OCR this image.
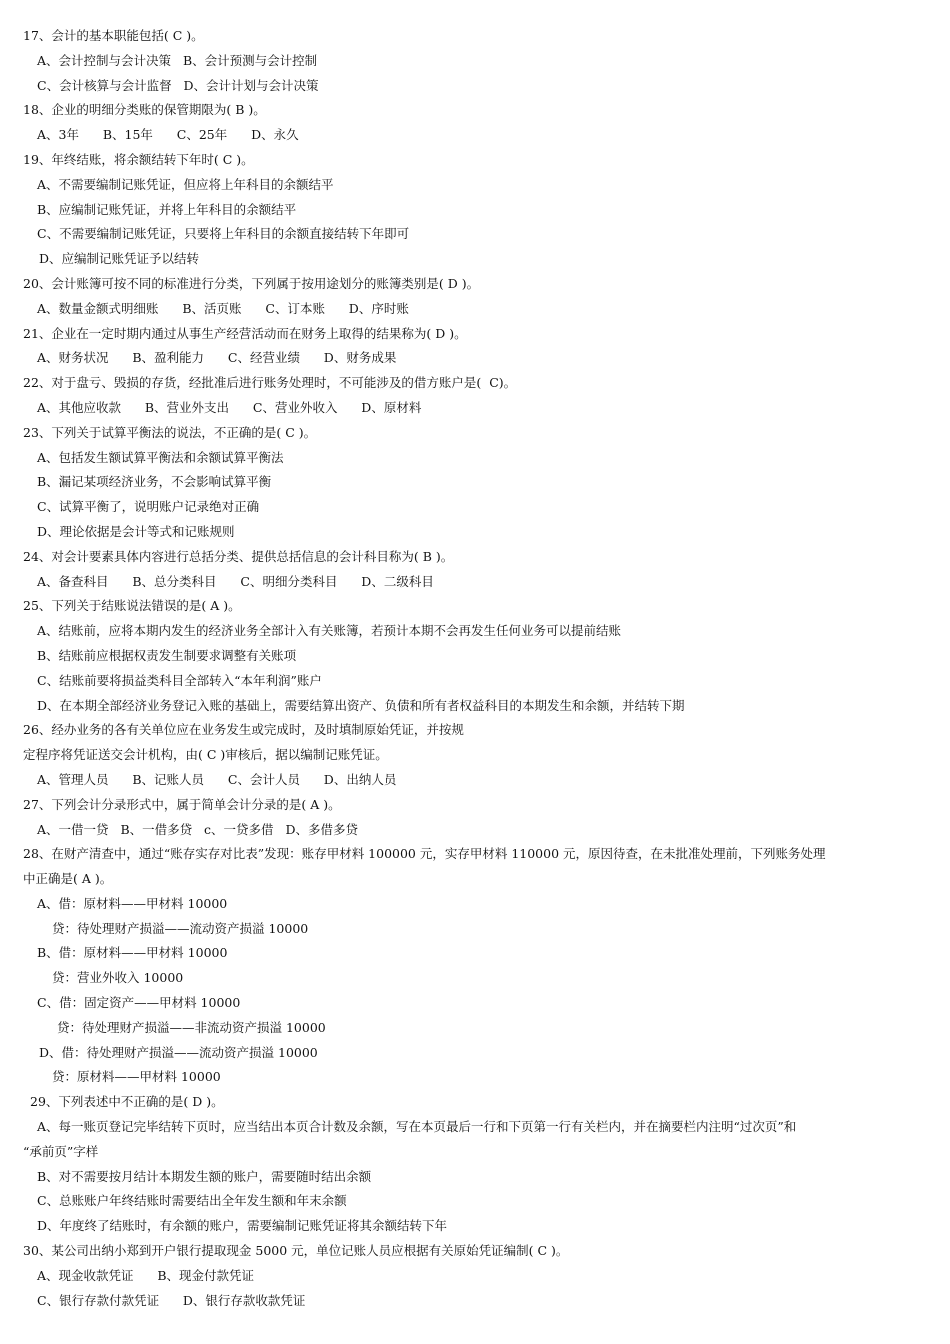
17、会计的基本职能包括( C )。
A、会计控制与会计决策   B、会计预测与会计控制
C、会计核算与会计监督   D、会计计划与会计决策
18、企业的明细分类账的保管期限为( B )。
A、3年      B、15年      C、25年      D、永久
19、年终结账，将余额结转下年时( C )。
A、不需要编制记账凭证，但应将上年科目的余额结平
B、应编制记账凭证，并将上年科目的余额结平
C、不需要编制记账凭证，只要将上年科目的余额直接结转下年即可
D、应编制记账凭证予以结转
20、会计账簿可按不同的标准进行分类，下列属于按用途划分的账簿类别是( D )。
A、数量金额式明细账      B、活页账      C、订本账      D、序时账
21、企业在一定时期内通过从事生产经营活动而在财务上取得的结果称为( D )。
A、财务状况      B、盈利能力      C、经营业绩      D、财务成果
22、对于盘亏、毁损的存货，经批准后进行账务处理时，不可能涉及的借方账户是(  C)。
A、其他应收款      B、营业外支出      C、营业外收入      D、原材料
23、下列关于试算平衡法的说法，不正确的是( C )。
A、包括发生额试算平衡法和余额试算平衡法
B、漏记某项经济业务，不会影响试算平衡
C、试算平衡了，说明账户记录绝对正确
D、理论依据是会计等式和记账规则
24、对会计要素具体内容进行总括分类、提供总括信息的会计科目称为( B )。
A、备查科目      B、总分类科目      C、明细分类科目      D、二级科目
25、下列关于结账说法错误的是( A )。
A、结账前，应将本期内发生的经济业务全部计入有关账簿，若预计本期不会再发生任何业务可以提前结账
B、结账前应根据权责发生制要求调整有关账项
C、结账前要将损益类科目全部转入“本年利润”账户
D、在本期全部经济业务登记入账的基础上，需要结算出资产、负债和所有者权益科目的本期发生和余额，并结转下期
26、经办业务的各有关单位应在业务发生或完成时，及时填制原始凭证，并按规
定程序将凭证送交会计机构，由( C )审核后，据以编制记账凭证。
A、管理人员      B、记账人员      C、会计人员      D、出纳人员
27、下列会计分录形式中，属于简单会计分录的是( A )。
A、一借一贷   B、一借多贷   c、一贷多借   D、多借多贷
28、在财产清查中，通过“账存实存对比表”发现：账存甲材料 100000 元，实存甲材料 110000 元，原因待查，在未批准处理前，下列账务处理
中正确是( A )。
A、借：原材料——甲材料 10000
贷：待处理财产损溢——流动资产损溢 10000
B、借：原材料——甲材料 10000
贷：营业外收入 10000
C、借：固定资产——甲材料 10000
贷：待处理财产损溢——非流动资产损溢 10000
D、借：待处理财产损溢——流动资产损溢 10000
贷：原材料——甲材料 10000
29、下列表述中不正确的是( D )。
A、每一账页登记完毕结转下页时，应当结出本页合计数及余额，写在本页最后一行和下页第一行有关栏内，并在摘要栏内注明“过次页”和
“承前页”字样
B、对不需要按月结计本期发生额的账户，需要随时结出余额
C、总账账户年终结账时需要结出全年发生额和年末余额
D、年度终了结账时，有余额的账户，需要编制记账凭证将其余额结转下年
30、某公司出纳小郑到开户银行提取现金 5000 元，单位记账人员应根据有关原始凭证编制( C )。
A、现金收款凭证      B、现金付款凭证
C、银行存款付款凭证      D、银行存款收款凭证
